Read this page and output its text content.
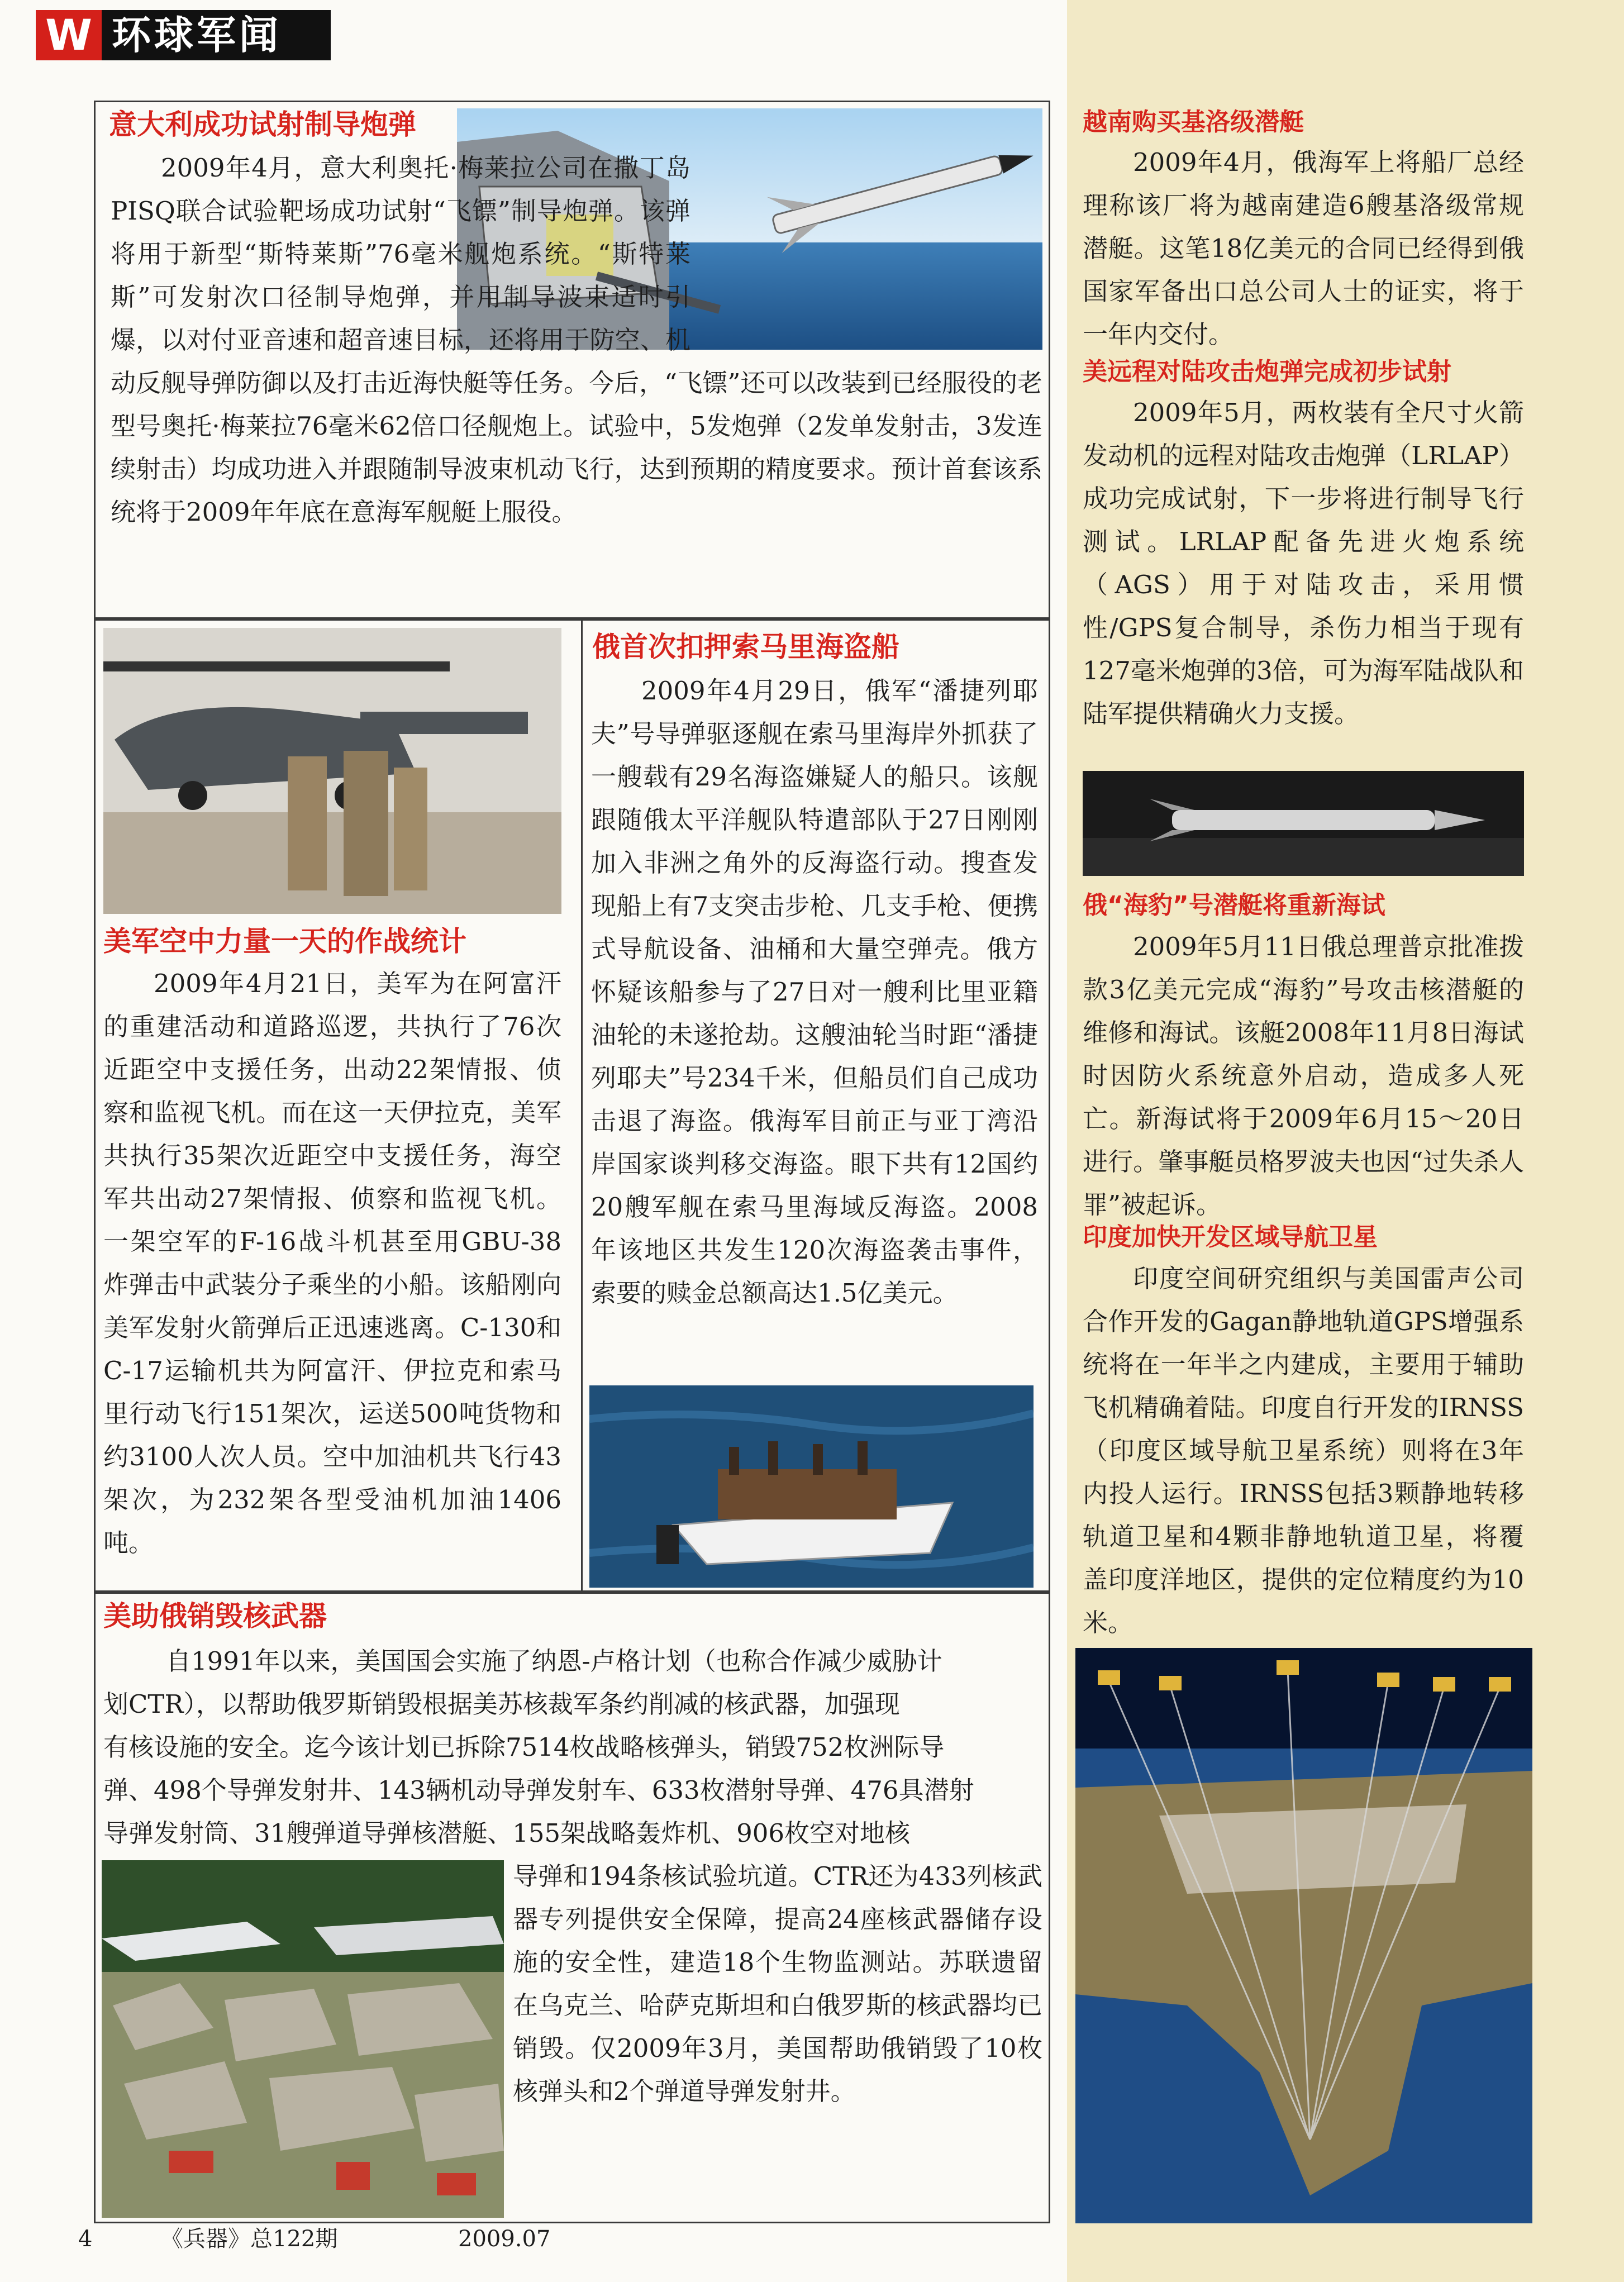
W 环球军闻
意大利成功试射制导炮弹

2009年4月，意大利奥托·梅莱拉公司在撒丁岛PISQ联合试验靶场成功试射“飞镖”制导炮弹。该弹将用于新型“斯特莱斯”76毫米舰炮系统。“斯特莱斯”可发射次口径制导炮弹，并用制导波束适时引爆，以对付亚音速和超音速目标，还将用于防空、机动反舰导弹防御以及打击近海快艇等任务。今后，“飞镖”还可以改装到已经服役的老型号奥托·梅莱拉76毫米62倍口径舰炮上。试验中，5发炮弹（2发单发射击，3发连续射击）均成功进入并跟随制导波束机动飞行，达到预期的精度要求。预计首套该系统将于2009年年底在意海军舰艇上服役。

美军空中力量一天的作战统计

2009年4月21日，美军为在阿富汗的重建活动和道路巡逻，共执行了76次近距空中支援任务，出动22架情报、侦察和监视飞机。而在这一天伊拉克，美军共执行35架次近距空中支援任务，海空军共出动27架情报、侦察和监视飞机。一架空军的F-16战斗机甚至用GBU-38炸弹击中武装分子乘坐的小船。该船刚向美军发射火箭弹后正迅速逃离。C-130和C-17运输机共为阿富汗、伊拉克和索马里行动飞行151架次，运送500吨货物和约3100人次人员。空中加油机共飞行43架次，为232架各型受油机加油1406吨。

俄首次扣押索马里海盗船

2009年4月29日，俄军“潘捷列耶夫”号导弹驱逐舰在索马里海岸外抓获了一艘载有29名海盗嫌疑人的船只。该舰跟随俄太平洋舰队特遣部队于27日刚刚加入非洲之角外的反海盗行动。搜查发现船上有7支突击步枪、几支手枪、便携式导航设备、油桶和大量空弹壳。俄方怀疑该船参与了27日对一艘利比里亚籍油轮的未遂抢劫。这艘油轮当时距“潘捷列耶夫”号234千米，但船员们自己成功击退了海盗。俄海军目前正与亚丁湾沿岸国家谈判移交海盗。眼下共有12国约20艘军舰在索马里海域反海盗。2008年该地区共发生120次海盗袭击事件，索要的赎金总额高达1.5亿美元。

美助俄销毁核武器
自1991年以来，美国国会实施了纳恩-卢格计划（也称合作减少威胁计
划CTR），以帮助俄罗斯销毁根据美苏核裁军条约削减的核武器，加强现
有核设施的安全。迄今该计划已拆除7514枚战略核弹头，销毁752枚洲际导
弹、498个导弹发射井、143辆机动导弹发射车、633枚潜射导弹、476具潜射
导弹发射筒、31艘弹道导弹核潜艇、155架战略轰炸机、906枚空对地核

导弹和194条核试验坑道。CTR还为433列核武器专列提供安全保障，提高24座核武器储存设施的安全性，建造18个生物监测站。苏联遗留在乌克兰、哈萨克斯坦和白俄罗斯的核武器均已销毁。仅2009年3月，美国帮助俄销毁了10枚核弹头和2个弹道导弹发射井。

越南购买基洛级潜艇

2009年4月，俄海军上将船厂总经理称该厂将为越南建造6艘基洛级常规潜艇。这笔18亿美元的合同已经得到俄国家军备出口总公司人士的证实，将于一年内交付。

美远程对陆攻击炮弹完成初步试射

2009年5月，两枚装有全尺寸火箭发动机的远程对陆攻击炮弹（LRLAP）成功完成试射，下一步将进行制导飞行测试。LRLAP配备先进火炮系统（AGS）用于对陆攻击，采用惯性/GPS复合制导，杀伤力相当于现有127毫米炮弹的3倍，可为海军陆战队和陆军提供精确火力支援。

俄“海豹”号潜艇将重新海试

2009年5月11日俄总理普京批准拨款3亿美元完成“海豹”号攻击核潜艇的维修和海试。该艇2008年11月8日海试时因防火系统意外启动，造成多人死亡。新海试将于2009年6月15～20日进行。肇事艇员格罗波夫也因“过失杀人罪”被起诉。

印度加快开发区域导航卫星

印度空间研究组织与美国雷声公司合作开发的Gagan静地轨道GPS增强系统将在一年半之内建成，主要用于辅助飞机精确着陆。印度自行开发的IRNSS（印度区域导航卫星系统）则将在3年内投人运行。IRNSS包括3颗静地转移轨道卫星和4颗非静地轨道卫星，将覆盖印度洋地区，提供的定位精度约为10米。

4	《兵器》总122期	2009.07
